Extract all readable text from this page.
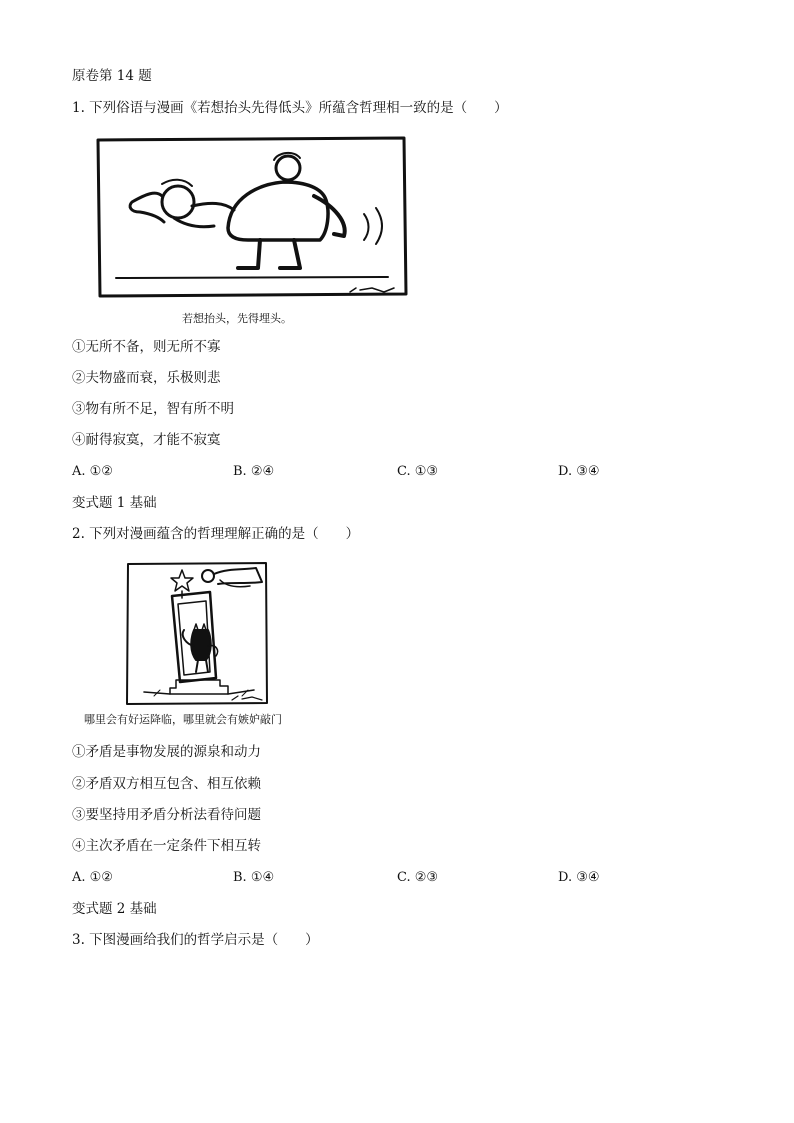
原卷第 14 题
1. 下列俗语与漫画《若想抬头先得低头》所蕴含哲理相一致的是（　　）
若想抬头，先得埋头。
①无所不备，则无所不寡
②夫物盛而衰，乐极则悲
③物有所不足，智有所不明
④耐得寂寞，才能不寂寞
A. ①②	B. ②④	C. ①③	D. ③④
变式题 1 基础
2. 下列对漫画蕴含的哲理理解正确的是（　　）
哪里会有好运降临，哪里就会有嫉妒敲门
①矛盾是事物发展的源泉和动力
②矛盾双方相互包含、相互依赖
③要坚持用矛盾分析法看待问题
④主次矛盾在一定条件下相互转
A. ①②	B. ①④	C. ②③	D. ③④
变式题 2 基础
3. 下图漫画给我们的哲学启示是（　　）
